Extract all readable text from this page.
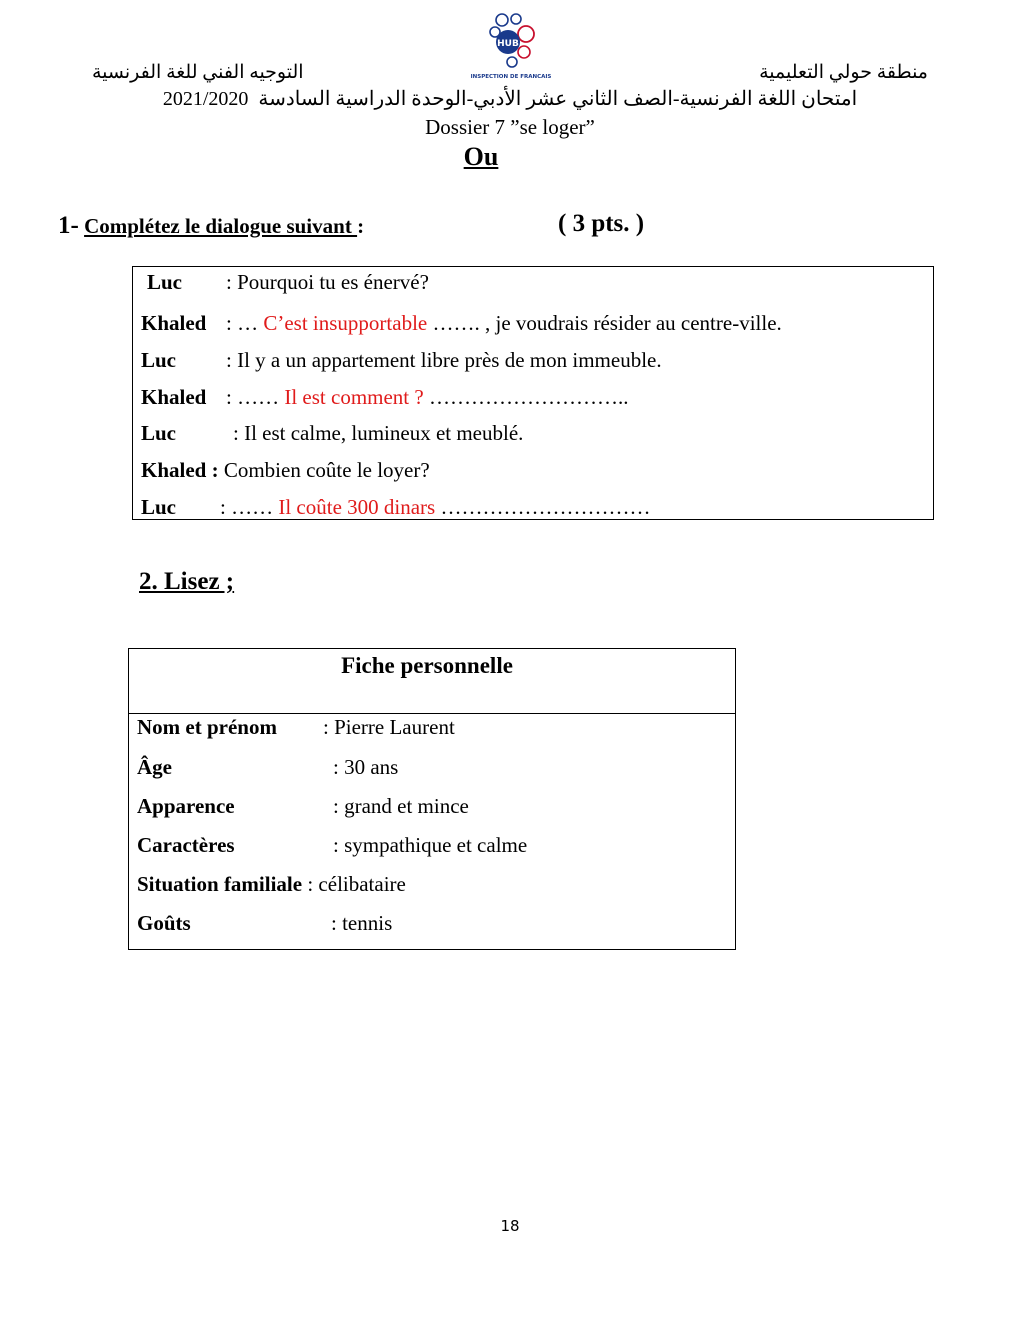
HUB
INSPECTION DE FRANCAIS
التوجيه الفني للغة الفرنسية	منطقة حولي التعليمية
2021/2020 امتحان اللغة الفرنسية-الصف الثاني عشر الأدبي-الوحدة الدراسية السادسة
Dossier 7 ”se loger”
Ou
1- Complétez le dialogue suivant :	( 3 pts. )
Luc : Pourquoi tu es énervé?
Khaled : … C’est insupportable ……. , je voudrais résider au centre-ville.
Luc : Il y a un appartement libre près de mon immeuble.
Khaled : …… Il est comment ? ………………………..
Luc	: Il est calme, lumineux et meublé.
Khaled : Combien coûte le loyer?
Luc : …… Il coûte 300 dinars …………………………
2. Lisez ;
Fiche personnelle
Nom et prénom : Pierre Laurent
Âge	: 30 ans
Apparence	: grand et mince
Caractères	: sympathique et calme
Situation familiale : célibataire
Goûts	: tennis
18
